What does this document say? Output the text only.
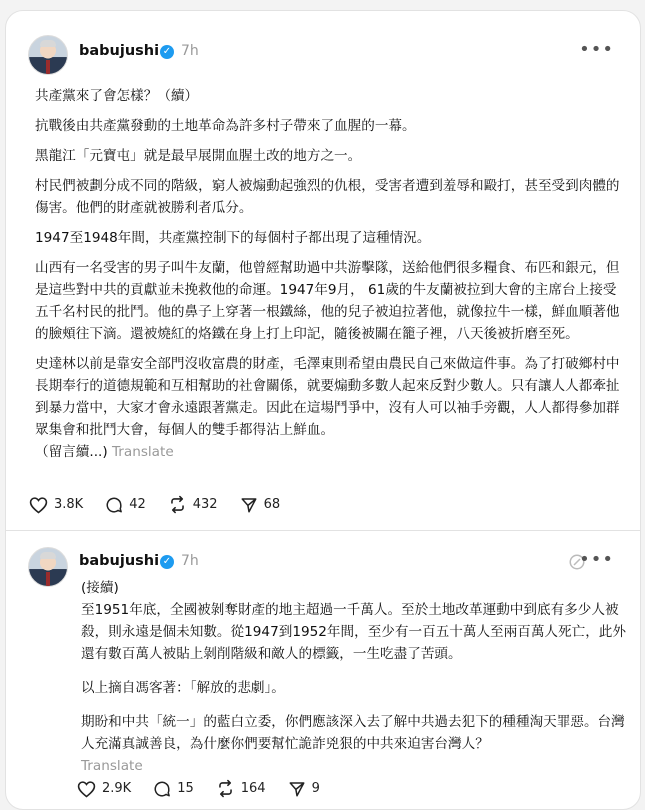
babujushi ✓ 7h	•••

共產黨來了會怎樣？（續）

抗戰後由共產黨發動的土地革命為許多村子帶來了血腥的一幕。

黑龍江「元寶屯」就是最早展開血腥土改的地方之一。

村民們被劃分成不同的階級，窮人被煽動起強烈的仇根，受害者遭到羞辱和毆打，甚至受到肉體的傷害。他們的財產就被勝利者瓜分。

1947至1948年間，共產黨控制下的每個村子都出現了這種情況。

山西有一名受害的男子叫牛友蘭，他曾經幫助過中共游擊隊，送給他們很多糧食、布匹和銀元，但是這些對中共的貢獻並未挽救他的命運。1947年9月， 61歲的牛友蘭被拉到大會的主席台上接受五千名村民的批鬥。他的鼻子上穿著一根鐵絲，他的兒子被迫拉著他，就像拉牛一樣，鮮血順著他的臉頰往下滴。還被燒紅的烙鐵在身上打上印記，隨後被關在籠子裡，八天後被折磨至死。

史達林以前是靠安全部門沒收富農的財產，毛澤東則希望由農民自己來做這件事。為了打破鄉村中長期奉行的道德規範和互相幫助的社會關係，就要煽動多數人起來反對少數人。只有讓人人都牽扯到暴力當中，大家才會永遠跟著黨走。因此在這場鬥爭中，沒有人可以袖手旁觀，人人都得參加群眾集會和批鬥大會，每個人的雙手都得沾上鮮血。

（留言續...) Translate

3.8K	42	432	68
babujushi ✓ 7h	•••

(接續)

至1951年底，全國被剝奪財產的地主超過一千萬人。至於土地改革運動中到底有多少人被殺，則永遠是個未知數。從1947到1952年間，至少有一百五十萬人至兩百萬人死亡，此外還有數百萬人被貼上剝削階級和敵人的標籤，一生吃盡了苦頭。

以上摘自馮客著：「解放的悲劇」。

期盼和中共「統一」的藍白立委，你們應該深入去了解中共過去犯下的種種淘天罪惡。台灣人充滿真誠善良，為什麼你們要幫忙詭詐兇狠的中共來迫害台灣人？

Translate

2.9K	15	164	9
